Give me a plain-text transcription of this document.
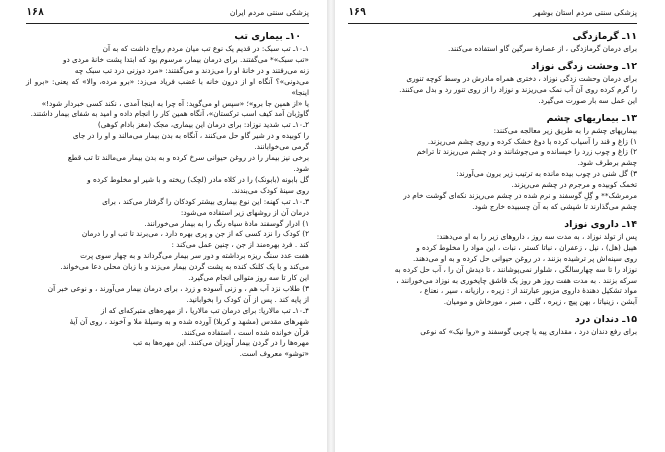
۱۶۸	پزشکی سنتی مردم ایران
۱۰ـ بیماری تب

۱ـ۱۰ـ تب سبک: در قدیم یک نوع تب میان مردم رواج داشت که به آن

«تب سبک»* می‌گفتند. برای درمان بیمار، مرسوم بود که ابتدا پشت خانهٔ مردی دو

زنه می‌رفتند و در خانهٔ او را می‌زدند و می‌گفتند: «مرد دوزنی درد تب سبک چه

می‌دونی»؟ آنگاه او از درون خانه با غضب فریاد می‌زد: «برو مرده، والا» که یعنی: «برو از اینجا»

یا «از همین جا برو»؛ «سپس او می‌گوید: آه چرا به اینجا آمدی ، نکند کسی خبردار شود!»

گاوژبان آمد کیف اسب ترکستان»، آنگاه همین کار را انجام داده و امید به شفای بیمار داشتند.

۲ـ۱۰ـ تب شدید نوزاد: برای درمان این بیماری، مجک (مغز بادام کوهی)

را کوبیده و در شیر گاو حل می‌کنند ، آنگاه به بدن بیمار می‌مالند و او را در جای

گرمی می‌خوابانند.

برخی نیز بیمار را در روغن حیوانی سرخ کرده و به بدن بیمار می‌مالند تا تب قطع

شود.

گل بابونه (بابونک) را در کلاه مادر (لچک) ریخته و با شیر او مخلوط کرده و

روی سینهٔ کودک می‌بندند.

۳ـ۱۰ـ تب کهنه: این نوع بیماری بیشتر کودکان را گرفتار می‌کند ، برای

درمان آن از روشهای زیر استفاده می‌شود:

۱) ادرار گوسفند مادهٔ سیاه رنگ را به بیمار می‌خورانند.

۲) کودک را نزد کسی که از جن و پری بهره دارد ، می‌برند تا تب او را درمان

کند . فرد بهره‌مند از جن ، چنین عمل می‌کند :

هفت عدد سنگ ریزه برداشته و دور سر بیمار می‌گرداند و به چهار سوی پرت

می‌کند و با یک کلنک کنده به پشت گردن بیمار می‌زند و با زبان محلی دعا می‌خواند.

این کار تا سه روز متوالی انجام می‌گیرد.

۳) طلاب نزد آب هم ، و زنی آسوده و زرد ، برای درمان بیمار می‌آورند ، و نوعی خبر آن

از پایه کند . پس از آن کودک را بخوابانید.

۴ـ۱۰ـ تب مالاریا: برای درمان تب مالاریا ، از مهره‌های متبرکه‌ای که از

شهرهای مقدس (مشهد و کربلا) آورده شده و به وسیلهٔ ملا و آخوند ، روی آن آیهٔ

قرآن خوانده شده است ، استفاده می‌کنند.

مهره‌ها را در گردن بیمار آویزان می‌کنند. این مهره‌ها به تب

«توشو» معروف است.

۱۶۹	پزشکی سنتی مردم استان بوشهر
۱۱ـ گرمازدگی

برای درمان گرمازدگی ، از عصارهٔ سرگین گاو استفاده می‌کنند.

۱۲ـ وحشت زدگی نوزاد

برای درمان وحشت زدگی نوزاد ، دختری همراه مادرش در وسط کوچه تنوری

را گرم کرده روی آن آب نمک می‌ریزند و نوزاد را از روی تنور رد و بدل می‌کنند.

این عمل سه بار صورت می‌گیرد.

۱۳ـ بیماریهای چشم

بیماریهای چشم را به طریق زیر معالجه می‌کنند:

۱) زاغ و قند را آسیاب کرده با دوغ خشک کرده و روی چشم می‌ریزند.

۲) زاغ و چوب زرد را خیسانده و می‌جوشانند و در چشم می‌ریزند تا تراخم

چشم برطرف شود.

۳) گل شنی در چوب بیده مانده به ترتیب زیر برون می‌آورند:

تخمک کوبیده و مرجرم در چشم می‌ریزند.

مرمرشک** و گِلِ گوسفند و نرم شده در چشم می‌ریزند نکه‌ای گوشت خام در

چشم می‌گذارند تا شپشی که به آن چسبیده خارج شود.

۱۴ـ داروی نوزاد

پس از تولد نوزاد ، به مدت سه روز ، داروهای زیر را به او می‌دهند:

هیبل (هل) ، نیل ، زعفران ، نباتا کستر ، نبات ، این مواد را مخلوط کرده و

روی سینه‌اش پر ترشیده بزنند ، در روغن حیوانی حل کرده و به او می‌دهند.

نوزاد را تا سه چهارسالگی ، شلوار نمی‌پوشانند ، تا دیدش آن را ، آب حل کرده به

سرکه بزنند . به مدت هفت روز هر روز یک قاشق چایخوری به نوزاد می‌خورانند ،

مواد تشکیل دهندهٔ داروی مزبور عبارتند از : زیره ، رازیانه ، سیر ، نعناع ،

آبشن ، زینیاتا ، بهن پیچ ، زیره ، گلی ، صبر ، مورخاش و مومیان.

۱۵ـ دندان درد

برای رفع دندان درد ، مقداری پیه یا چربی گوسفند و «روا نیک» که نوعی
